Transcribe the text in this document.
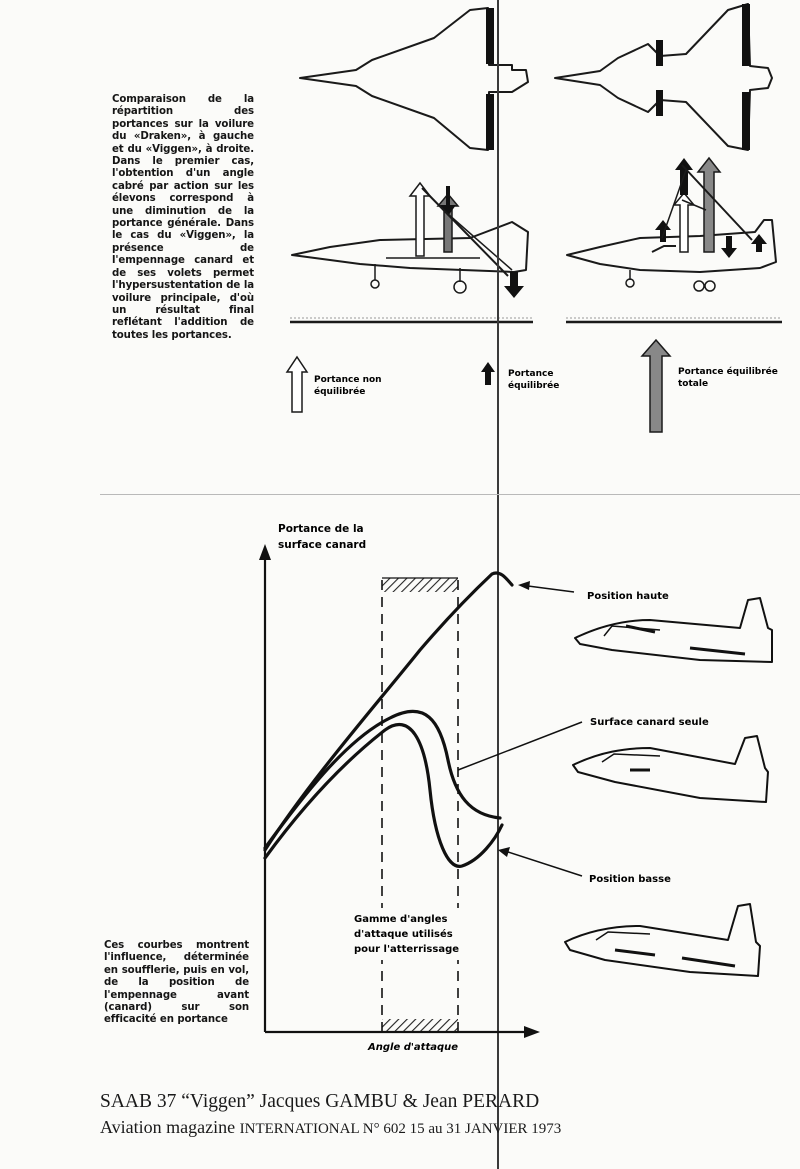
Comparaison de la répartition des portances sur la voilure du «Draken», à gauche et du «Viggen», à droite. Dans le premier cas, l'obtention d'un angle cabré par action sur les élevons correspond à une diminution de la portance générale. Dans le cas du «Viggen», la présence de l'empennage canard et de ses volets permet l'hypersustentation de la voilure principale, d'où un résultat final reflétant l'addition de toutes les portances.
Portance non
équilibrée
Portance
équilibrée
Portance équilibrée
totale
Portance de la
surface canard
Angle d'attaque
Gamme d'angles
d'attaque utilisés
pour l'atterrissage
Position haute
Surface canard seule
Position basse
Ces courbes montrent l'influence, déterminée en soufflerie, puis en vol, de la position de l'empennage avant (canard) sur son efficacité en portance
SAAB 37 “Viggen” Jacques GAMBU & Jean PERARD
Aviation magazine INTERNATIONAL N° 602 15 au 31 JANVIER 1973
